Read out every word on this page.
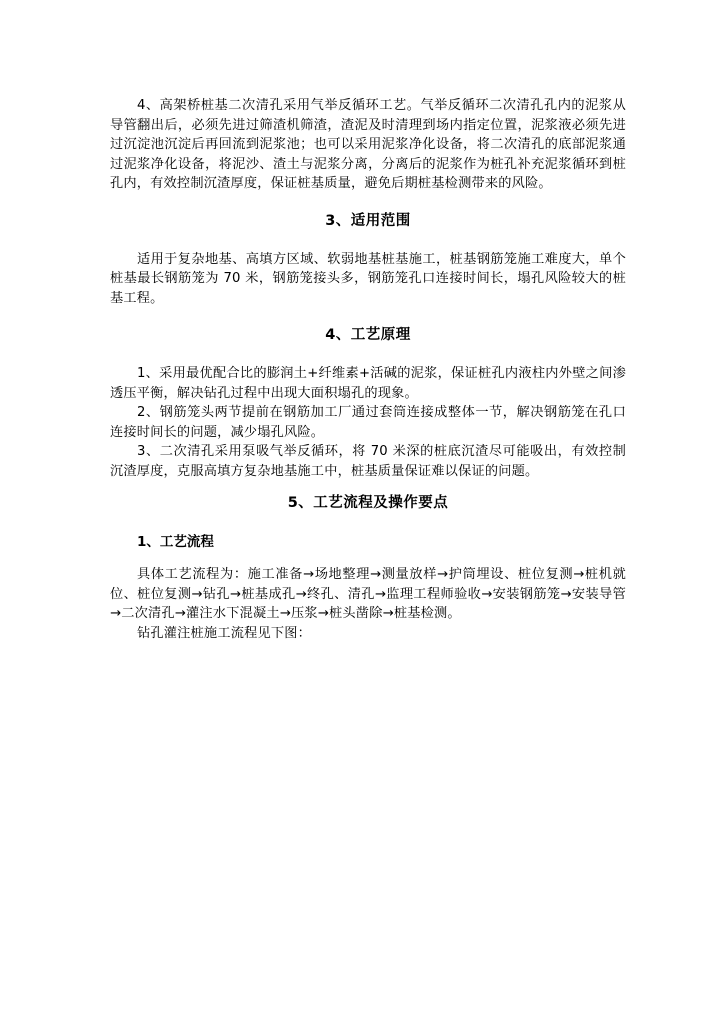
4、高架桥桩基二次清孔采用气举反循环工艺。气举反循环二次清孔孔内的泥浆从导管翻出后，必须先进过筛渣机筛渣，渣泥及时清理到场内指定位置，泥浆液必须先进过沉淀池沉淀后再回流到泥浆池；也可以采用泥浆净化设备，将二次清孔的底部泥浆通过泥浆净化设备，将泥沙、渣土与泥浆分离，分离后的泥浆作为桩孔补充泥浆循环到桩孔内，有效控制沉渣厚度，保证桩基质量，避免后期桩基检测带来的风险。

3、适用范围

适用于复杂地基、高填方区域、软弱地基桩基施工，桩基钢筋笼施工难度大，单个桩基最长钢筋笼为 70 米，钢筋笼接头多，钢筋笼孔口连接时间长，塌孔风险较大的桩基工程。

4、工艺原理

1、采用最优配合比的膨润土+纤维素+活碱的泥浆，保证桩孔内液柱内外壁之间渗透压平衡，解决钻孔过程中出现大面积塌孔的现象。

2、钢筋笼头两节提前在钢筋加工厂通过套筒连接成整体一节，解决钢筋笼在孔口连接时间长的问题，减少塌孔风险。

3、二次清孔采用泵吸气举反循环，将 70 米深的桩底沉渣尽可能吸出，有效控制沉渣厚度，克服高填方复杂地基施工中，桩基质量保证难以保证的问题。

5、工艺流程及操作要点
1、工艺流程

具体工艺流程为：施工准备→场地整理→测量放样→护筒埋设、桩位复测→桩机就位、桩位复测→钻孔→桩基成孔→终孔、清孔→监理工程师验收→安装钢筋笼→安装导管→二次清孔→灌注水下混凝土→压浆→桩头凿除→桩基检测。

钻孔灌注桩施工流程见下图：
